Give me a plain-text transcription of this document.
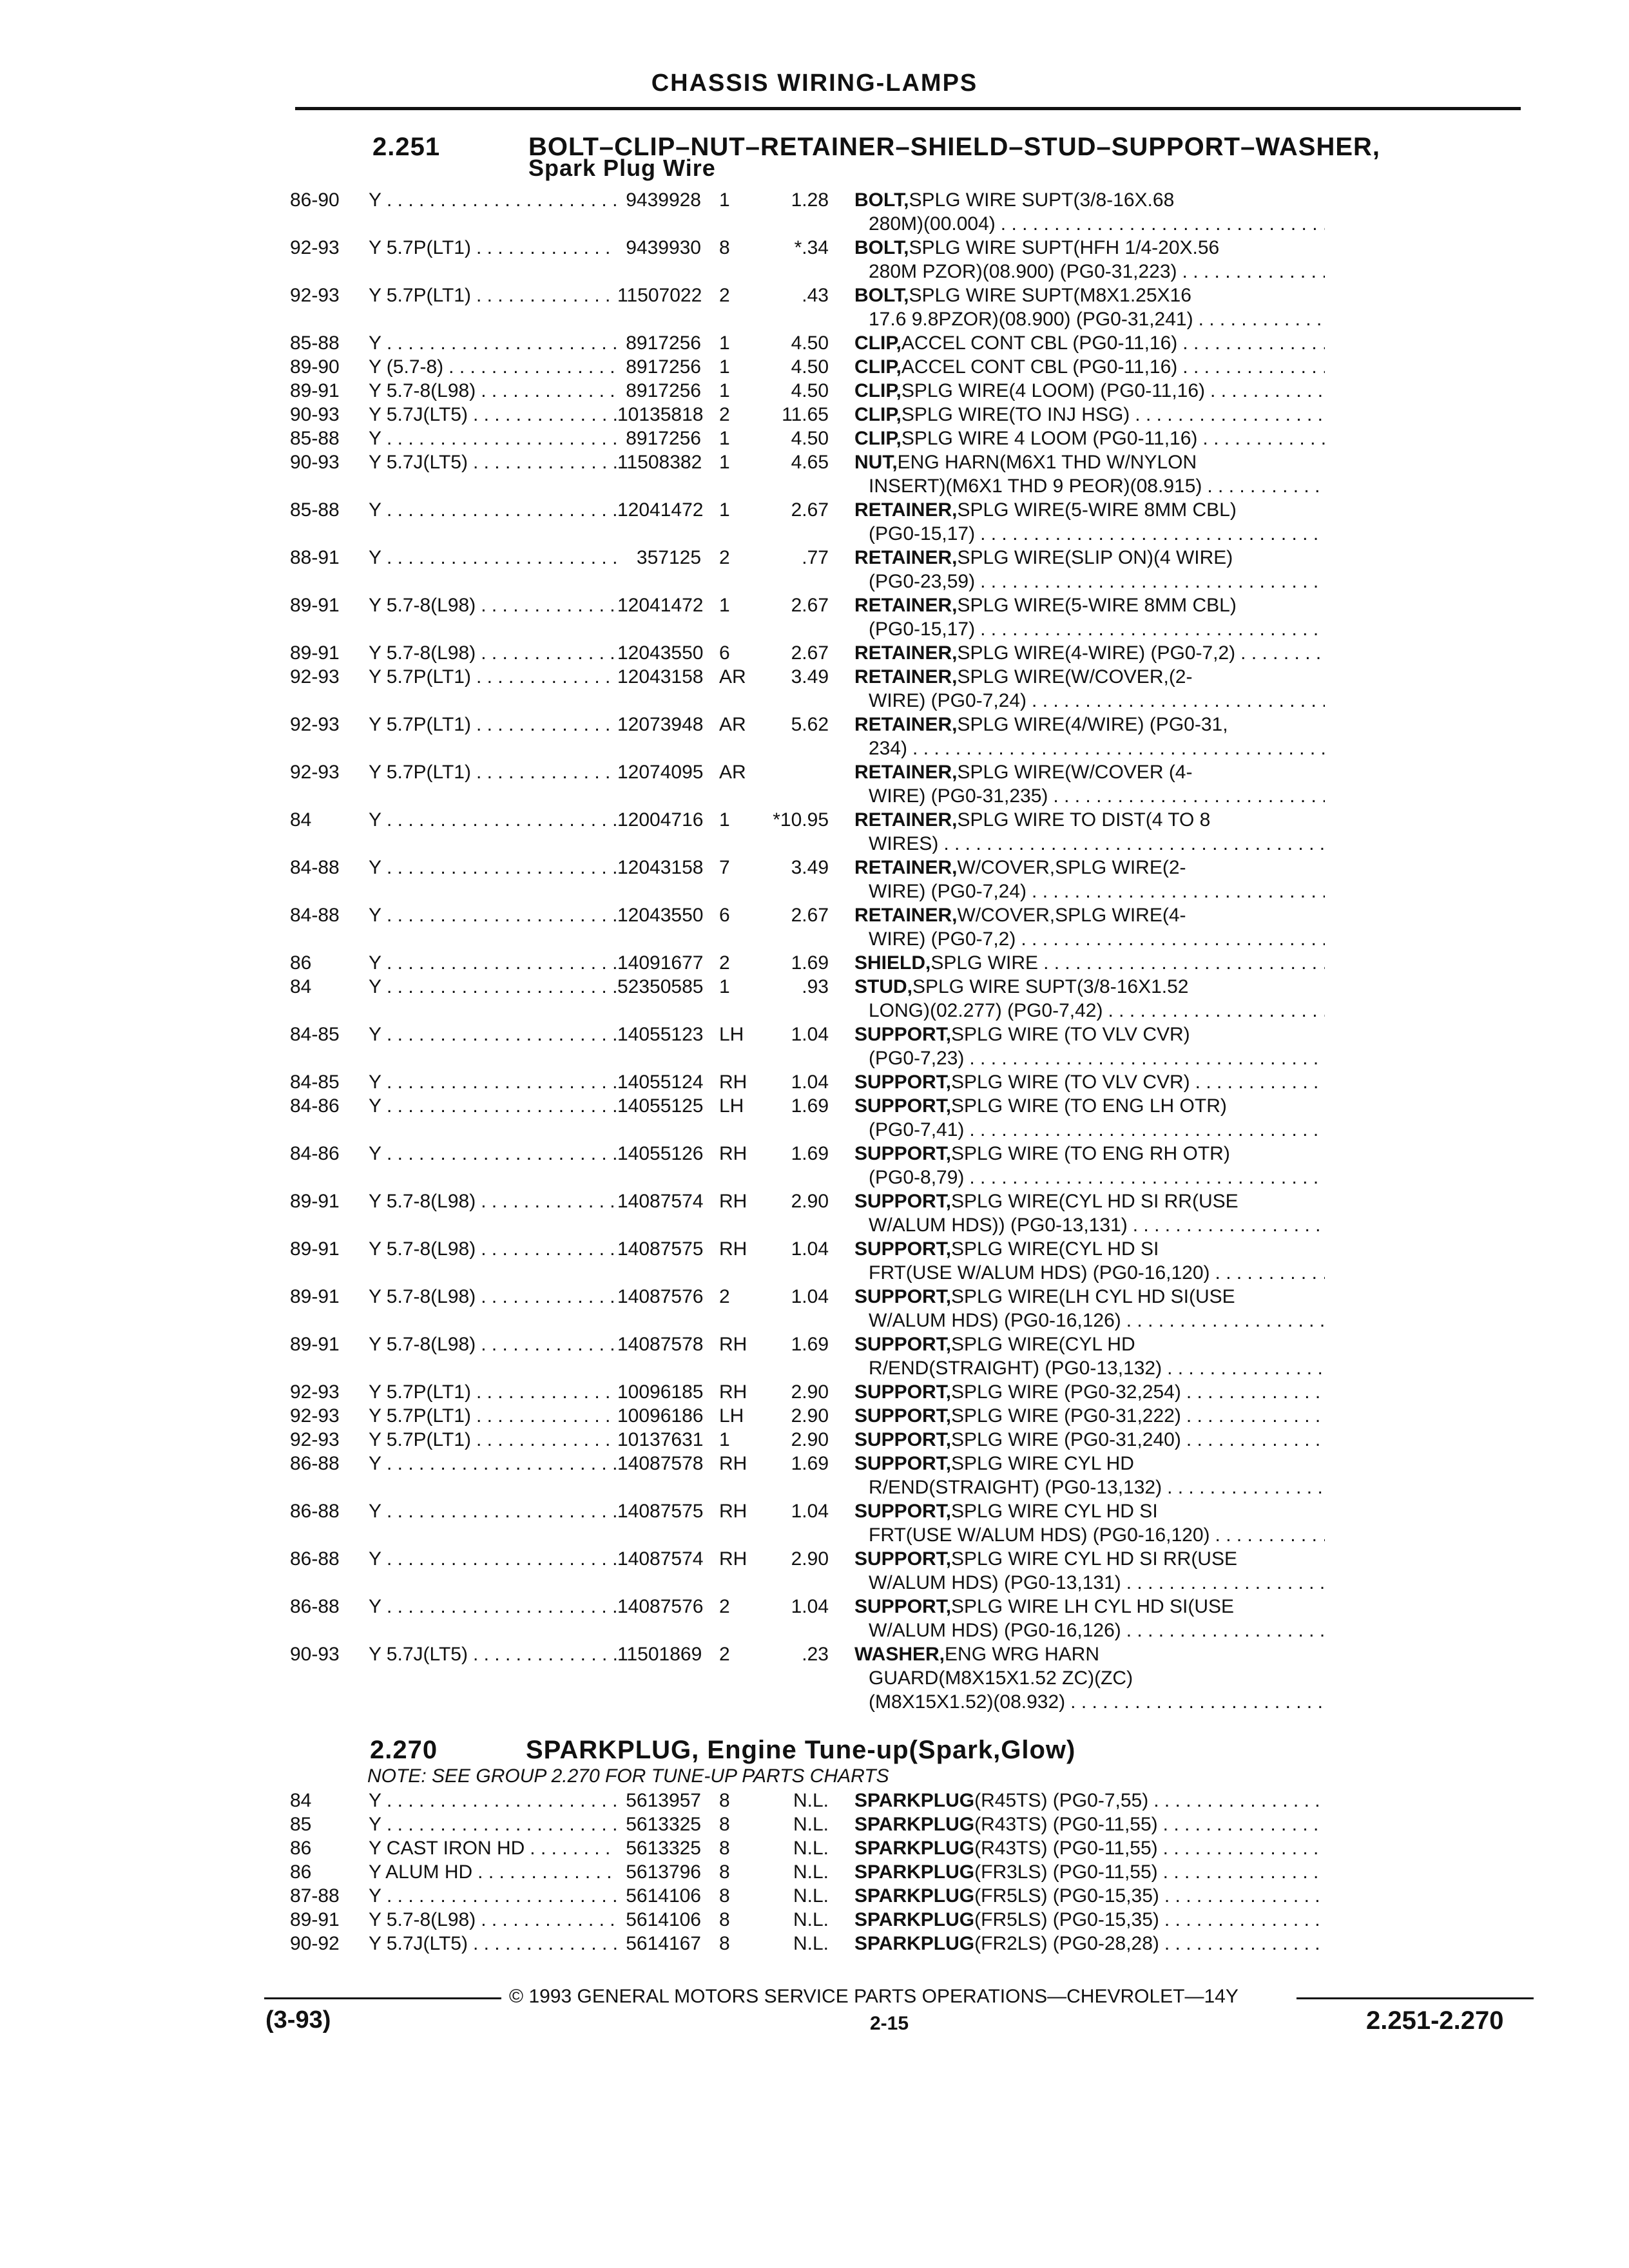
CHASSIS WIRING-LAMPS
2.251	BOLT–CLIP–NUT–RETAINER–SHIELD–STUD–SUPPORT–WASHER,
Spark Plug Wire
86-90	Y . . .	9439928 1	1.28 BOLT, SPLG WIRE SUPT(3/8-16X.68
280M)(00.004)
. . .
92-93	Y 5.7P(LT1) . . .	9439930 8	*.34 BOLT, SPLG WIRE SUPT(HFH 1/4-20X.56
280M PZOR)(08.900) (PG0-31,223)
. . .
92-93	Y 5.7P(LT1) . . .	11507022 2	.43 BOLT, SPLG WIRE SUPT(M8X1.25X16
17.6 9.8PZOR)(08.900) (PG0-31,241)
. . .
85-88	Y . . .	8917256 1	4.50 CLIP, ACCEL CONT CBL (PG0-11,16)
. . .
89-90	Y (5.7-8) . . .	8917256 1	4.50 CLIP, ACCEL CONT CBL (PG0-11,16)
. . .
89-91	Y 5.7-8(L98) . . .	8917256 1	4.50 CLIP, SPLG WIRE(4 LOOM) (PG0-11,16)
. . .
90-93	Y 5.7J(LT5) . . .	10135818 2	11.65 CLIP, SPLG WIRE(TO INJ HSG)
. . .
85-88	Y . . .	8917256 1	4.50 CLIP, SPLG WIRE 4 LOOM (PG0-11,16)
. . .
90-93	Y 5.7J(LT5) . . .	11508382 1	4.65 NUT, ENG HARN(M6X1 THD W/NYLON
INSERT)(M6X1 THD 9 PEOR)(08.915)
. . .
85-88	Y . . .	12041472 1	2.67 RETAINER, SPLG WIRE(5-WIRE 8MM CBL)
(PG0-15,17)
. . .
88-91	Y . . .	357125 2	.77 RETAINER, SPLG WIRE(SLIP ON)(4 WIRE)
(PG0-23,59)
. . .
89-91	Y 5.7-8(L98) . . .	12041472 1	2.67 RETAINER, SPLG WIRE(5-WIRE 8MM CBL)
(PG0-15,17)
. . .
89-91	Y 5.7-8(L98) . . .	12043550 6	2.67 RETAINER, SPLG WIRE(4-WIRE) (PG0-7,2)
. . .
92-93	Y 5.7P(LT1) . . .	12043158 AR	3.49 RETAINER, SPLG WIRE(W/COVER,(2-
WIRE) (PG0-7,24)
. . .
92-93	Y 5.7P(LT1) . . .	12073948 AR	5.62 RETAINER, SPLG WIRE(4/WIRE) (PG0-31,
234)
. . .
92-93	Y 5.7P(LT1) . . .	12074095 AR	RETAINER, SPLG WIRE(W/COVER (4-
WIRE) (PG0-31,235)
. . .
84	Y . . .	12004716 1	*10.95 RETAINER, SPLG WIRE TO DIST(4 TO 8
WIRES)
. . .
84-88	Y . . .	12043158 7	3.49 RETAINER, W/COVER,SPLG WIRE(2-
WIRE) (PG0-7,24)
. . .
84-88	Y . . .	12043550 6	2.67 RETAINER, W/COVER,SPLG WIRE(4-
WIRE) (PG0-7,2)
. . .
86	Y . . .	14091677 2	1.69 SHIELD, SPLG WIRE
. . .
84	Y . . .	52350585 1	.93 STUD, SPLG WIRE SUPT(3/8-16X1.52
LONG)(02.277) (PG0-7,42)
. . .
84-85	Y . . .	14055123 LH	1.04 SUPPORT, SPLG WIRE (TO VLV CVR)
(PG0-7,23)
. . .
84-85	Y . . .	14055124 RH	1.04 SUPPORT, SPLG WIRE (TO VLV CVR)
. . .
84-86	Y . . .	14055125 LH	1.69 SUPPORT, SPLG WIRE (TO ENG LH OTR)
(PG0-7,41)
. . .
84-86	Y . . .	14055126 RH	1.69 SUPPORT, SPLG WIRE (TO ENG RH OTR)
(PG0-8,79)
. . .
89-91	Y 5.7-8(L98) . . .	14087574 RH	2.90 SUPPORT, SPLG WIRE(CYL HD SI RR(USE
W/ALUM HDS)) (PG0-13,131)
. . .
89-91	Y 5.7-8(L98) . . .	14087575 RH	1.04 SUPPORT, SPLG WIRE(CYL HD SI
FRT(USE W/ALUM HDS) (PG0-16,120)
. . .
89-91	Y 5.7-8(L98) . . .	14087576 2	1.04 SUPPORT, SPLG WIRE(LH CYL HD SI(USE
W/ALUM HDS) (PG0-16,126)
. . .
89-91	Y 5.7-8(L98) . . .	14087578 RH	1.69 SUPPORT, SPLG WIRE(CYL HD
R/END(STRAIGHT) (PG0-13,132)
. . .
92-93	Y 5.7P(LT1) . . .	10096185 RH	2.90 SUPPORT, SPLG WIRE (PG0-32,254)
. . .
92-93	Y 5.7P(LT1) . . .	10096186 LH	2.90 SUPPORT, SPLG WIRE (PG0-31,222)
. . .
92-93	Y 5.7P(LT1) . . .	10137631 1	2.90 SUPPORT, SPLG WIRE (PG0-31,240)
. . .
86-88	Y . . .	14087578 RH	1.69 SUPPORT, SPLG WIRE CYL HD
R/END(STRAIGHT) (PG0-13,132)
. . .
86-88	Y . . .	14087575 RH	1.04 SUPPORT, SPLG WIRE CYL HD SI
FRT(USE W/ALUM HDS) (PG0-16,120)
. . .
86-88	Y . . .	14087574 RH	2.90 SUPPORT, SPLG WIRE CYL HD SI RR(USE
W/ALUM HDS) (PG0-13,131)
. . .
86-88	Y . . .	14087576 2	1.04 SUPPORT, SPLG WIRE LH CYL HD SI(USE
W/ALUM HDS) (PG0-16,126)
. . .
90-93	Y 5.7J(LT5) . . .	11501869 2	.23 WASHER, ENG WRG HARN
GUARD(M8X15X1.52 ZC)(ZC)
(M8X15X1.52)(08.932)
. . .
2.270	SPARKPLUG, Engine Tune-up(Spark,Glow)
NOTE: SEE GROUP 2.270 FOR TUNE-UP PARTS CHARTS
84	Y . . .	5613957 8	N.L. SPARKPLUG (R45TS) (PG0-7,55)
. . .
85	Y . . .	5613325 8	N.L. SPARKPLUG (R43TS) (PG0-11,55)
. . .
86	Y CAST IRON HD . . .	5613325 8	N.L. SPARKPLUG (R43TS) (PG0-11,55)
. . .
86	Y ALUM HD . . .	5613796 8	N.L. SPARKPLUG (FR3LS) (PG0-11,55)
. . .
87-88	Y . . .	5614106 8	N.L. SPARKPLUG (FR5LS) (PG0-15,35)
. . .
89-91	Y 5.7-8(L98) . . .	5614106 8	N.L. SPARKPLUG (FR5LS) (PG0-15,35)
. . .
90-92	Y 5.7J(LT5) . . .	5614167 8	N.L. SPARKPLUG (FR2LS) (PG0-28,28)
. . .
© 1993 GENERAL MOTORS SERVICE PARTS OPERATIONS—CHEVROLET—14Y
(3-93)	2-15	2.251-2.270
